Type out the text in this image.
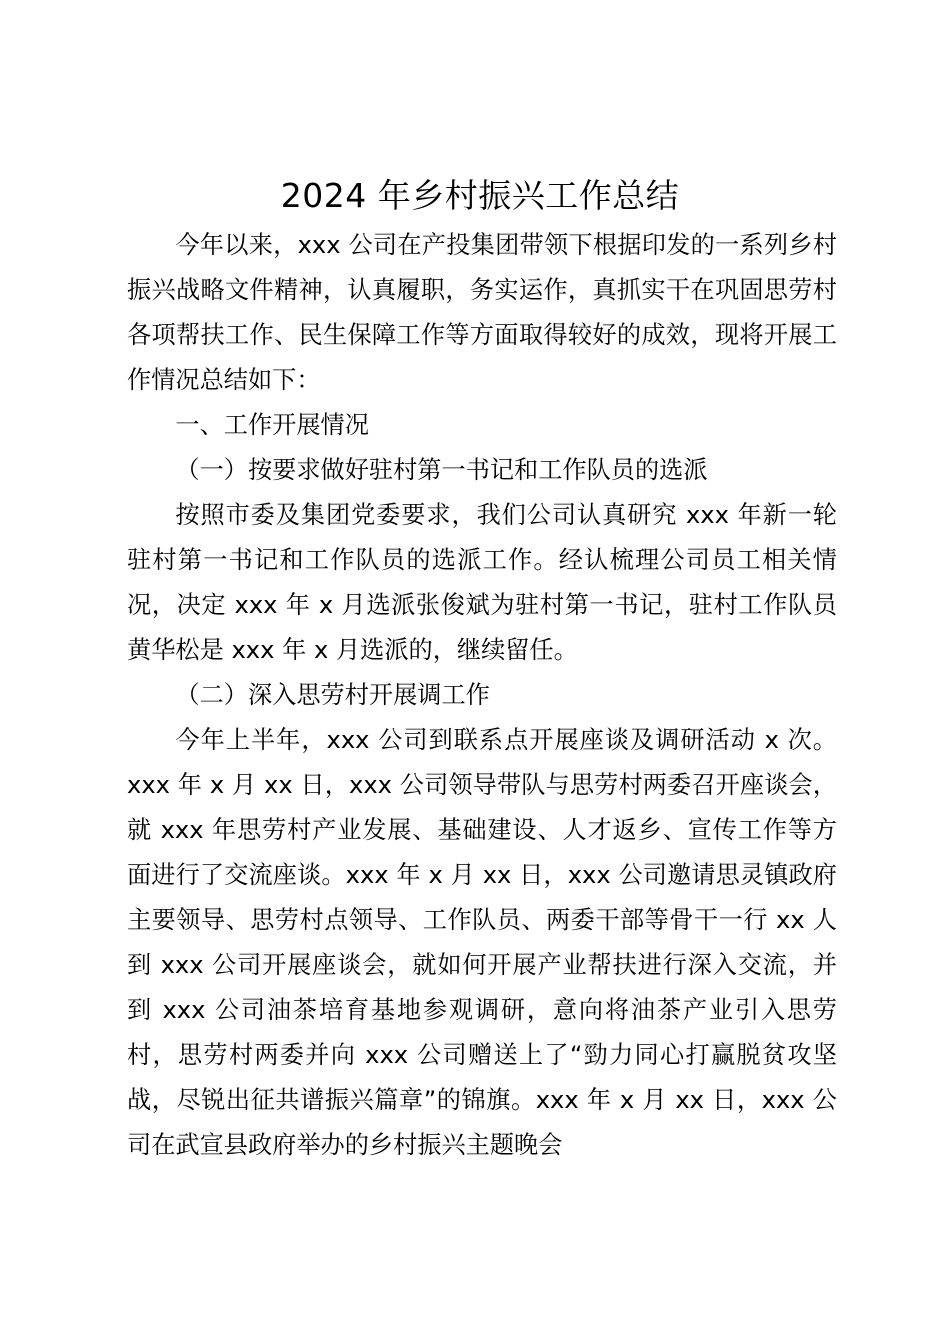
2024 年乡村振兴工作总结

今年以来，xxx 公司在产投集团带领下根据印发的一系列乡村振兴战略文件精神，认真履职，务实运作，真抓实干在巩固思劳村各项帮扶工作、民生保障工作等方面取得较好的成效，现将开展工作情况总结如下：

一、工作开展情况

（一）按要求做好驻村第一书记和工作队员的选派

按照市委及集团党委要求，我们公司认真研究 xxx 年新一轮驻村第一书记和工作队员的选派工作。经认梳理公司员工相关情况，决定 xxx 年 x 月选派张俊斌为驻村第一书记，驻村工作队员黄华松是 xxx 年 x 月选派的，继续留任。

（二）深入思劳村开展调工作

今年上半年，xxx 公司到联系点开展座谈及调研活动 x 次。xxx 年 x 月 xx 日，xxx 公司领导带队与思劳村两委召开座谈会，就 xxx 年思劳村产业发展、基础建设、人才返乡、宣传工作等方面进行了交流座谈。xxx 年 x 月 xx 日，xxx 公司邀请思灵镇政府主要领导、思劳村点领导、工作队员、两委干部等骨干一行 xx 人到 xxx 公司开展座谈会，就如何开展产业帮扶进行深入交流，并到 xxx 公司油茶培育基地参观调研，意向将油茶产业引入思劳村，思劳村两委并向 xxx 公司赠送上了“勁力同心打赢脱贫攻坚战，尽锐出征共谱振兴篇章”的锦旗。xxx 年 x 月 xx 日，xxx 公司在武宣县政府举办的乡村振兴主题晚会
